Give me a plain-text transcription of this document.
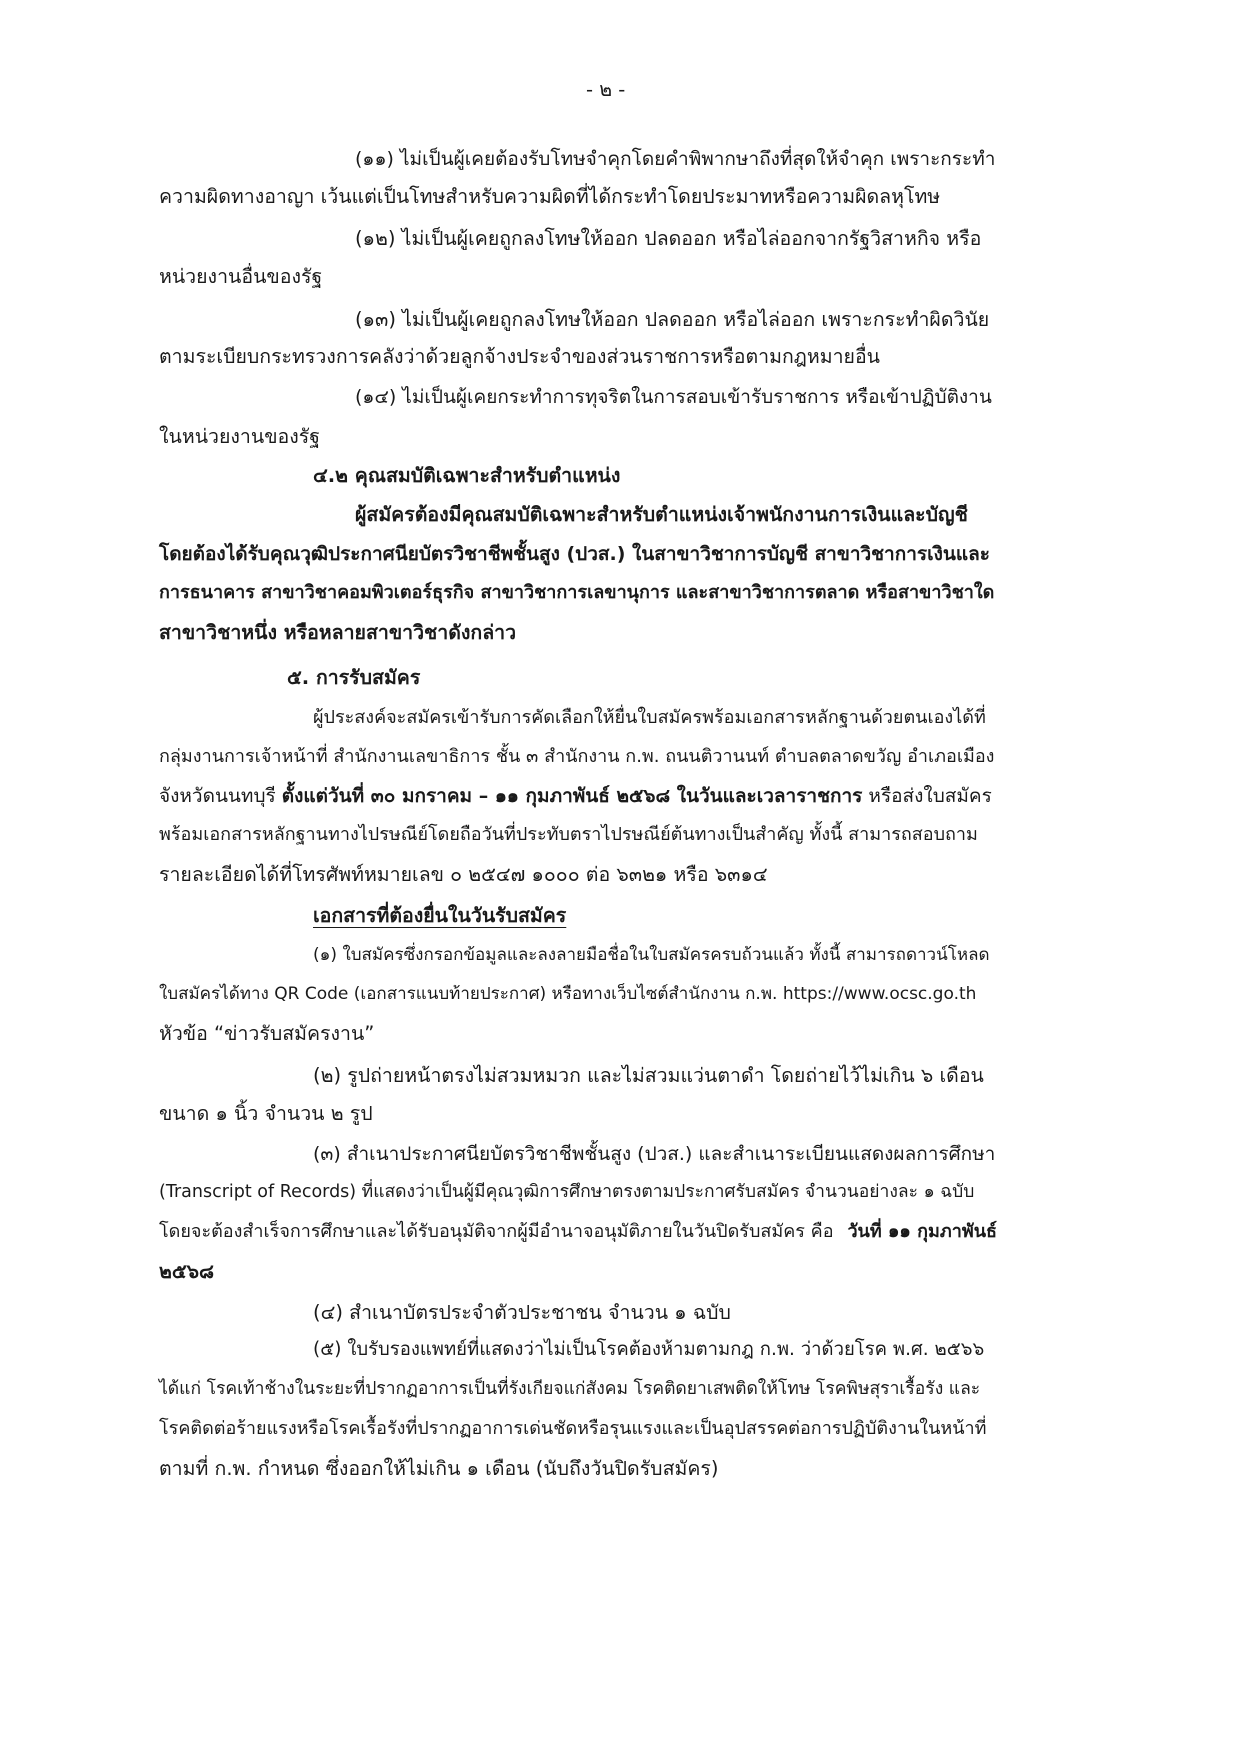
- ๒ -
(๑๑) ไม่เป็นผู้เคยต้องรับโทษจำคุกโดยคำพิพากษาถึงที่สุดให้จำคุก เพราะกระทำ
ความผิดทางอาญา เว้นแต่เป็นโทษสำหรับความผิดที่ได้กระทำโดยประมาทหรือความผิดลหุโทษ
(๑๒) ไม่เป็นผู้เคยถูกลงโทษให้ออก ปลดออก หรือไล่ออกจากรัฐวิสาหกิจ หรือ
หน่วยงานอื่นของรัฐ
(๑๓) ไม่เป็นผู้เคยถูกลงโทษให้ออก ปลดออก หรือไล่ออก เพราะกระทำผิดวินัย
ตามระเบียบกระทรวงการคลังว่าด้วยลูกจ้างประจำของส่วนราชการหรือตามกฎหมายอื่น
(๑๔) ไม่เป็นผู้เคยกระทำการทุจริตในการสอบเข้ารับราชการ หรือเข้าปฏิบัติงาน
ในหน่วยงานของรัฐ
๔.๒ คุณสมบัติเฉพาะสำหรับตำแหน่ง
ผู้สมัครต้องมีคุณสมบัติเฉพาะสำหรับตำแหน่งเจ้าพนักงานการเงินและบัญชี
โดยต้องได้รับคุณวุฒิประกาศนียบัตรวิชาชีพชั้นสูง (ปวส.) ในสาขาวิชาการบัญชี สาขาวิชาการเงินและ
การธนาคาร สาขาวิชาคอมพิวเตอร์ธุรกิจ สาขาวิชาการเลขานุการ และสาขาวิชาการตลาด หรือสาขาวิชาใด
สาขาวิชาหนึ่ง หรือหลายสาขาวิชาดังกล่าว
๕. การรับสมัคร
ผู้ประสงค์จะสมัครเข้ารับการคัดเลือกให้ยื่นใบสมัครพร้อมเอกสารหลักฐานด้วยตนเองได้ที่
กลุ่มงานการเจ้าหน้าที่ สำนักงานเลขาธิการ ชั้น ๓ สำนักงาน ก.พ. ถนนติวานนท์ ตำบลตลาดขวัญ อำเภอเมือง
จังหวัดนนทบุรี ตั้งแต่วันที่ ๓๐ มกราคม – ๑๑ กุมภาพันธ์ ๒๕๖๘ ในวันและเวลาราชการ หรือส่งใบสมัคร
พร้อมเอกสารหลักฐานทางไปรษณีย์โดยถือวันที่ประทับตราไปรษณีย์ต้นทางเป็นสำคัญ ทั้งนี้ สามารถสอบถาม
รายละเอียดได้ที่โทรศัพท์หมายเลข ๐ ๒๕๔๗ ๑๐๐๐ ต่อ ๖๓๒๑ หรือ ๖๓๑๔
เอกสารที่ต้องยื่นในวันรับสมัคร
(๑) ใบสมัครซึ่งกรอกข้อมูลและลงลายมือชื่อในใบสมัครครบถ้วนแล้ว ทั้งนี้ สามารถดาวน์โหลด
ใบสมัครได้ทาง QR Code (เอกสารแนบท้ายประกาศ) หรือทางเว็บไซต์สำนักงาน ก.พ. https://www.ocsc.go.th
หัวข้อ “ข่าวรับสมัครงาน”
(๒) รูปถ่ายหน้าตรงไม่สวมหมวก และไม่สวมแว่นตาดำ โดยถ่ายไว้ไม่เกิน ๖ เดือน
ขนาด ๑ นิ้ว จำนวน ๒ รูป
(๓) สำเนาประกาศนียบัตรวิชาชีพชั้นสูง (ปวส.) และสำเนาระเบียนแสดงผลการศึกษา
(Transcript of Records) ที่แสดงว่าเป็นผู้มีคุณวุฒิการศึกษาตรงตามประกาศรับสมัคร จำนวนอย่างละ ๑ ฉบับ
โดยจะต้องสำเร็จการศึกษาและได้รับอนุมัติจากผู้มีอำนาจอนุมัติภายในวันปิดรับสมัคร คือ วันที่ ๑๑ กุมภาพันธ์
๒๕๖๘
(๔) สำเนาบัตรประจำตัวประชาชน จำนวน ๑ ฉบับ
(๕) ใบรับรองแพทย์ที่แสดงว่าไม่เป็นโรคต้องห้ามตามกฎ ก.พ. ว่าด้วยโรค พ.ศ. ๒๕๖๖
ได้แก่ โรคเท้าช้างในระยะที่ปรากฏอาการเป็นที่รังเกียจแก่สังคม โรคติดยาเสพติดให้โทษ โรคพิษสุราเรื้อรัง และ
โรคติดต่อร้ายแรงหรือโรคเรื้อรังที่ปรากฏอาการเด่นชัดหรือรุนแรงและเป็นอุปสรรคต่อการปฏิบัติงานในหน้าที่
ตามที่ ก.พ. กำหนด ซึ่งออกให้ไม่เกิน ๑ เดือน (นับถึงวันปิดรับสมัคร)
